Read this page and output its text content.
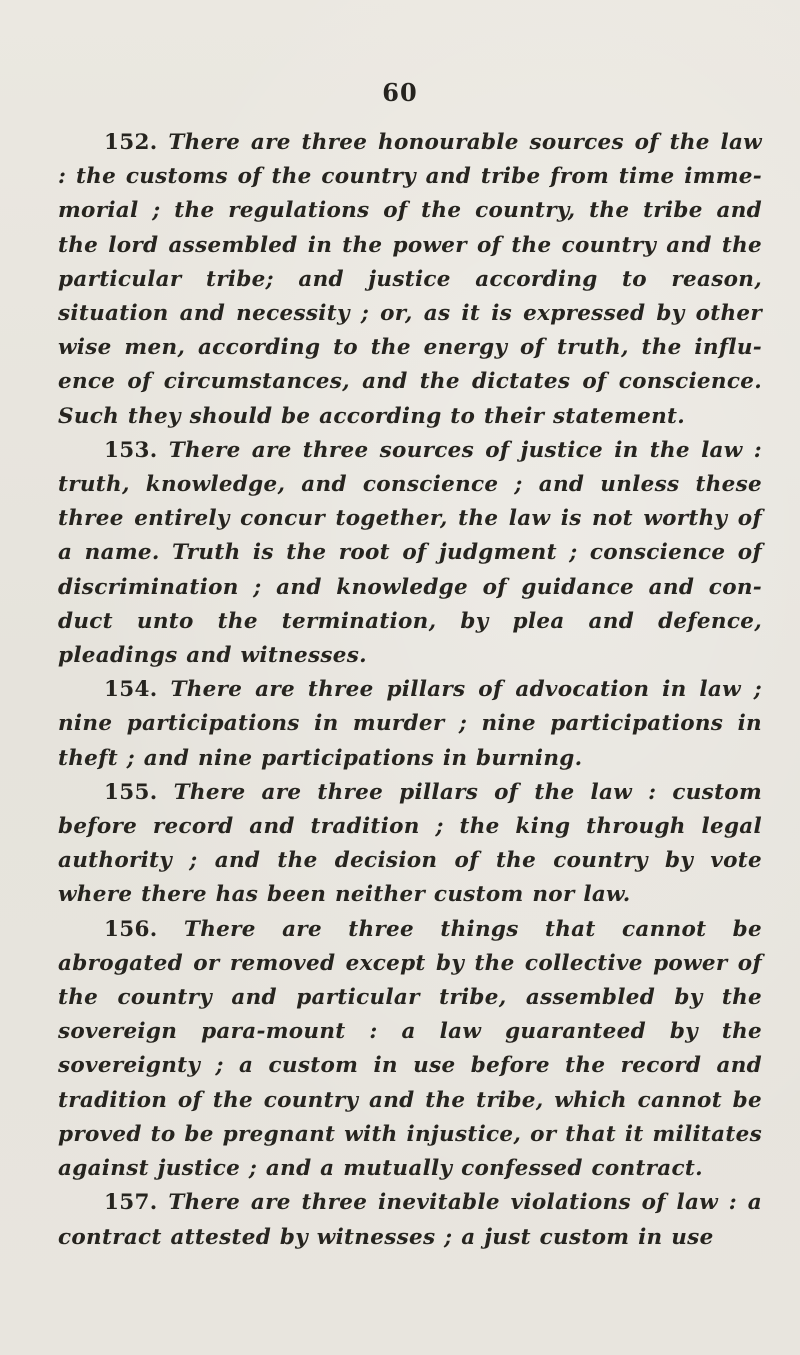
60

152. There are three honourable sources of the law : the customs of the country and tribe from time imme-morial ; the regulations of the country, the tribe and the lord assembled in the power of the country and the particular tribe; and justice according to reason, situation and necessity ; or, as it is expressed by other wise men, according to the energy of truth, the influ-ence of circumstances, and the dictates of conscience. Such they should be according to their statement.

153. There are three sources of justice in the law : truth, knowledge, and conscience ; and unless these three entirely concur together, the law is not worthy of a name. Truth is the root of judgment ; conscience of discrimination ; and knowledge of guidance and con-duct unto the termination, by plea and defence, pleadings and witnesses.

154. There are three pillars of advocation in law ; nine participations in murder ; nine participations in theft ; and nine participations in burning.

155. There are three pillars of the law : custom before record and tradition ; the king through legal authority ; and the decision of the country by vote where there has been neither custom nor law.

156. There are three things that cannot be abrogated or removed except by the collective power of the country and particular tribe, assembled by the sovereign para-mount : a law guaranteed by the sovereignty ; a custom in use before the record and tradition of the country and the tribe, which cannot be proved to be pregnant with injustice, or that it militates against justice ; and a mutually confessed contract.

157. There are three inevitable violations of law : a contract attested by witnesses ; a just custom in use
